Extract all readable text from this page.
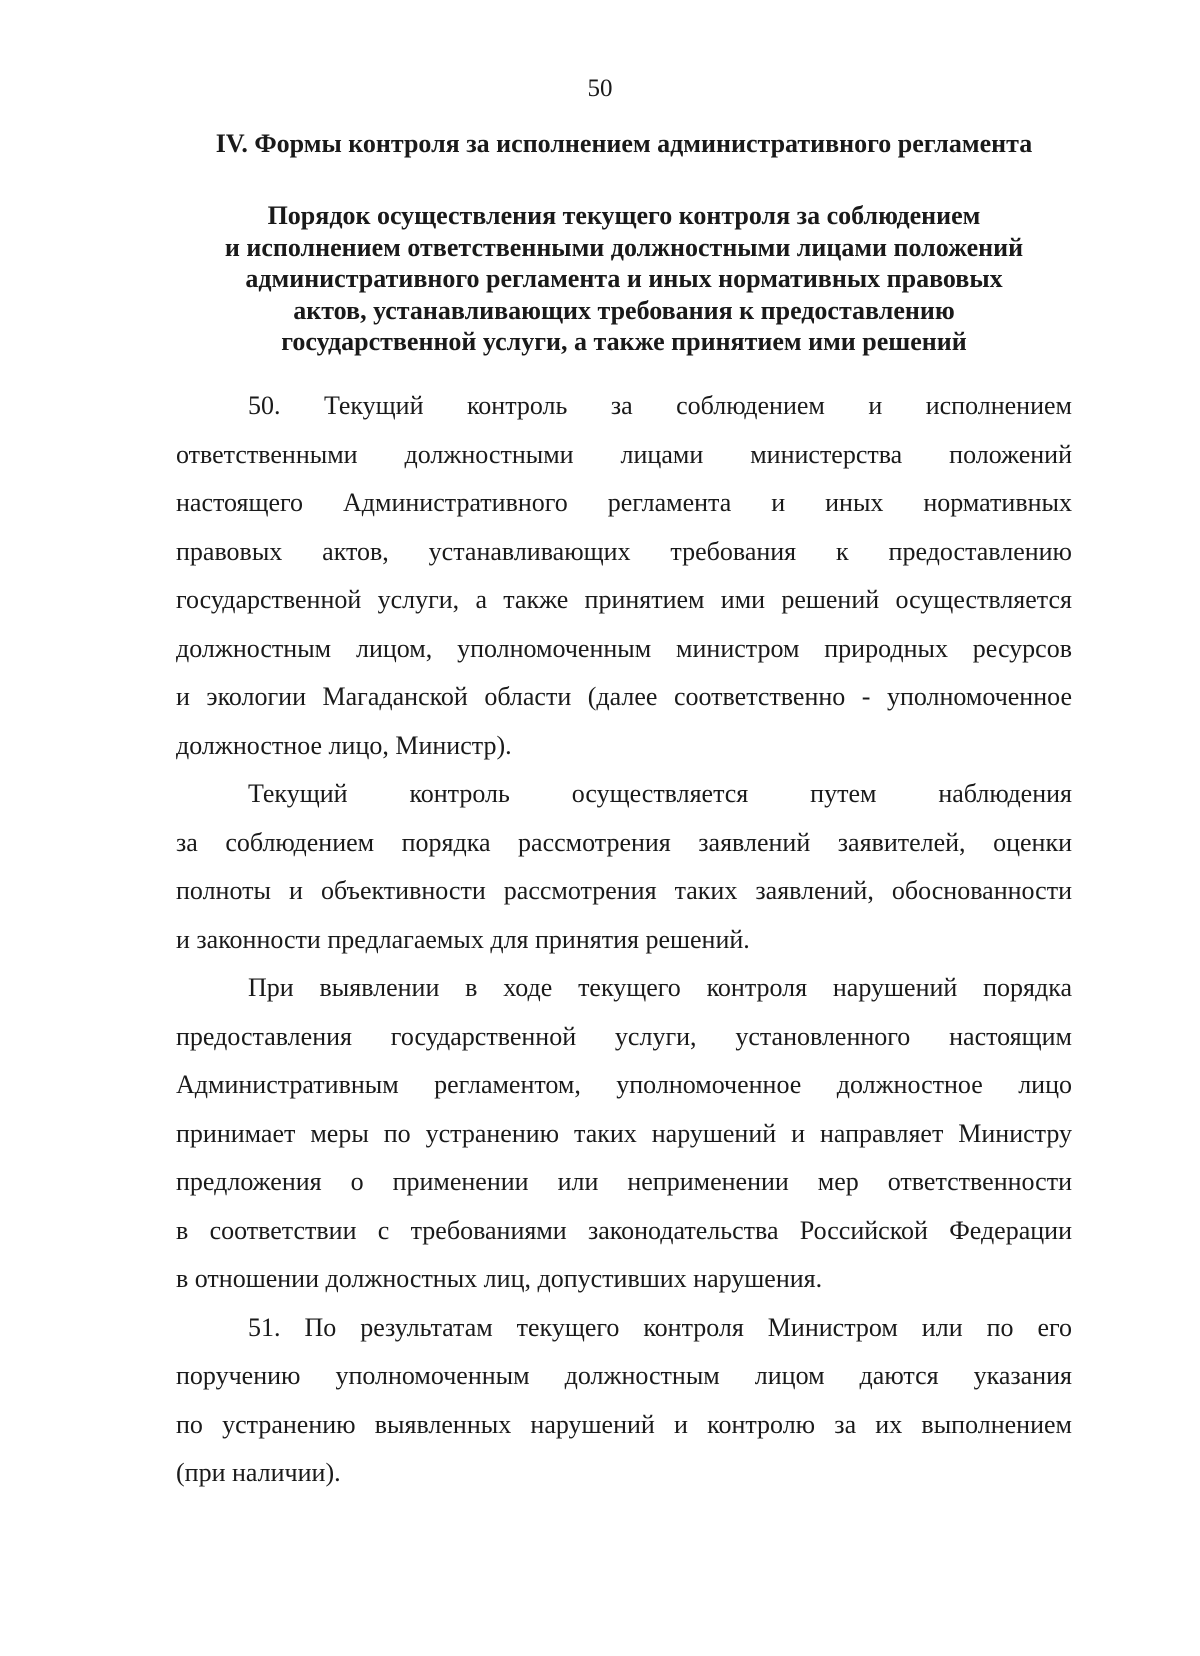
50
IV. Формы контроля за исполнением административного регламента
Порядок осуществления текущего контроля за соблюдением
и исполнением ответственными должностными лицами положений
административного регламента и иных нормативных правовых
актов, устанавливающих требования к предоставлению
государственной услуги, а также принятием ими решений

50. Текущий контроль за соблюдением и исполнением
ответственными должностными лицами министерства положений
настоящего Административного регламента и иных нормативных
правовых актов, устанавливающих требования к предоставлению
государственной услуги, а также принятием ими решений осуществляется
должностным лицом, уполномоченным министром природных ресурсов
и экологии Магаданской области (далее соответственно - уполномоченное
должностное лицо, Министр).

Текущий контроль осуществляется путем наблюдения
за соблюдением порядка рассмотрения заявлений заявителей, оценки
полноты и объективности рассмотрения таких заявлений, обоснованности
и законности предлагаемых для принятия решений.

При выявлении в ходе текущего контроля нарушений порядка
предоставления государственной услуги, установленного настоящим
Административным регламентом, уполномоченное должностное лицо
принимает меры по устранению таких нарушений и направляет Министру
предложения о применении или неприменении мер ответственности
в соответствии с требованиями законодательства Российской Федерации
в отношении должностных лиц, допустивших нарушения.

51. По результатам текущего контроля Министром или по его
поручению уполномоченным должностным лицом даются указания
по устранению выявленных нарушений и контролю за их выполнением
(при наличии).
